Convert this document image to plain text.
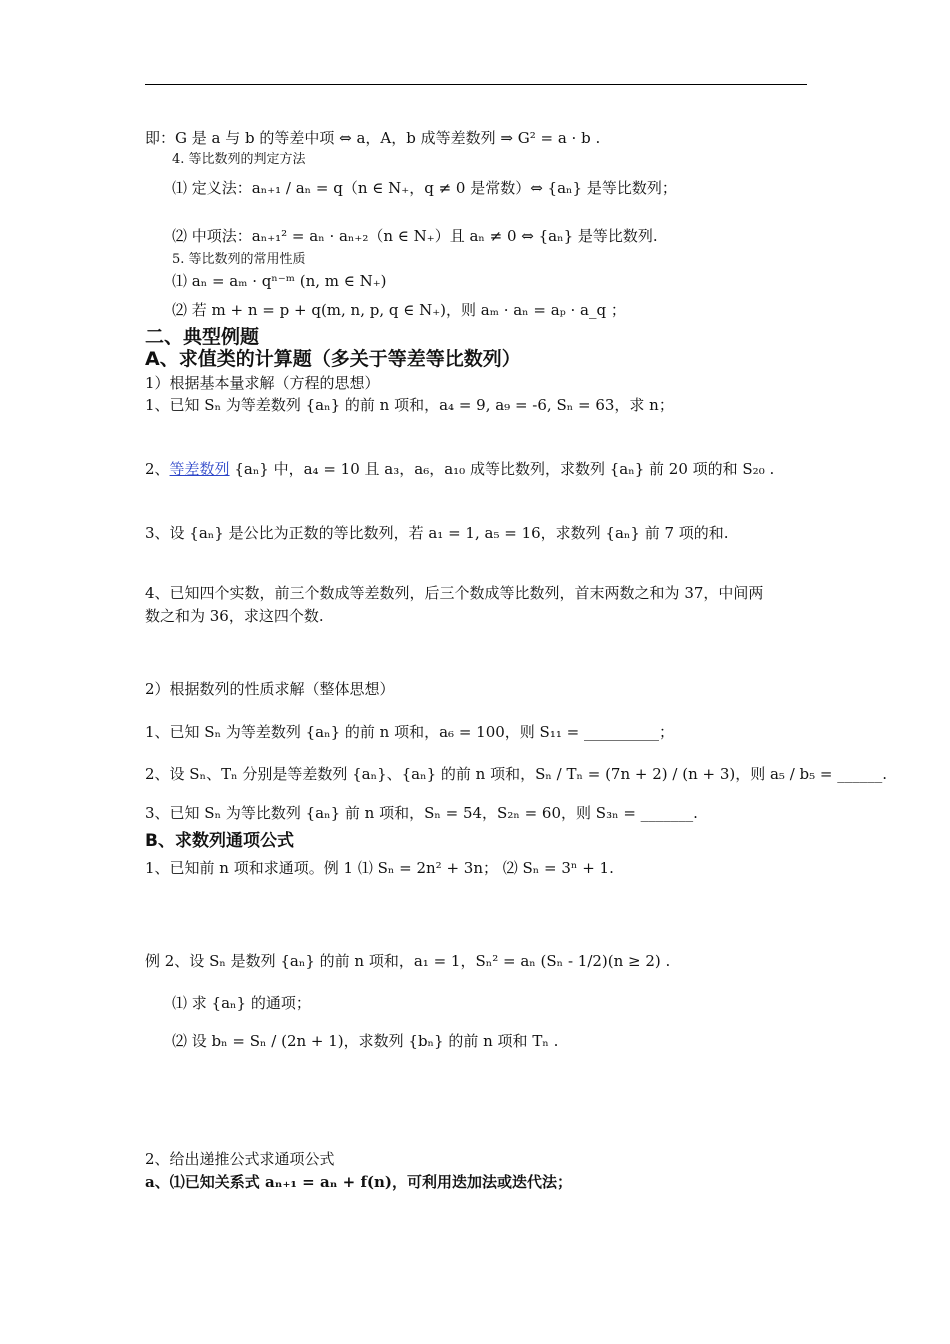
即：G 是 a 与 b 的等差中项 ⇔ a，A，b 成等差数列 ⇒ G² = a · b .
4. 等比数列的判定方法
⑴ 定义法：aₙ₊₁ / aₙ = q（n ∈ N₊，q ≠ 0 是常数）⇔ {aₙ} 是等比数列；
⑵ 中项法：aₙ₊₁² = aₙ · aₙ₊₂（n ∈ N₊）且 aₙ ≠ 0 ⇔ {aₙ} 是等比数列.
5. 等比数列的常用性质
⑴ aₙ = aₘ · qⁿ⁻ᵐ (n, m ∈ N₊)
⑵ 若 m + n = p + q(m, n, p, q ∈ N₊)，则 aₘ · aₙ = aₚ · a_q ；
二、典型例题
A、求值类的计算题（多关于等差等比数列）
1）根据基本量求解（方程的思想）
1、已知 Sₙ 为等差数列 {aₙ} 的前 n 项和，a₄ = 9, a₉ = -6, Sₙ = 63，求 n；
2、等差数列 {aₙ} 中，a₄ = 10 且 a₃，a₆，a₁₀ 成等比数列，求数列 {aₙ} 前 20 项的和 S₂₀ .
3、设 {aₙ} 是公比为正数的等比数列，若 a₁ = 1, a₅ = 16，求数列 {aₙ} 前 7 项的和.
4、已知四个实数，前三个数成等差数列，后三个数成等比数列，首末两数之和为 37，中间两
数之和为 36，求这四个数.
2）根据数列的性质求解（整体思想）
1、已知 Sₙ 为等差数列 {aₙ} 的前 n 项和，a₆ = 100，则 S₁₁ = __________；
2、设 Sₙ、Tₙ 分别是等差数列 {aₙ}、{aₙ} 的前 n 项和，Sₙ / Tₙ = (7n + 2) / (n + 3)，则 a₅ / b₅ = ______.
3、已知 Sₙ 为等比数列 {aₙ} 前 n 项和，Sₙ = 54，S₂ₙ = 60，则 S₃ₙ = _______.
B、求数列通项公式
1、已知前 n 项和求通项。例 1 ⑴ Sₙ = 2n² + 3n； ⑵ Sₙ = 3ⁿ + 1.
例 2、设 Sₙ 是数列 {aₙ} 的前 n 项和，a₁ = 1，Sₙ² = aₙ (Sₙ - 1/2)(n ≥ 2) .
⑴ 求 {aₙ} 的通项；
⑵ 设 bₙ = Sₙ / (2n + 1)，求数列 {bₙ} 的前 n 项和 Tₙ .
2、给出递推公式求通项公式
a、⑴已知关系式 aₙ₊₁ = aₙ + f(n)，可利用迭加法或迭代法；
